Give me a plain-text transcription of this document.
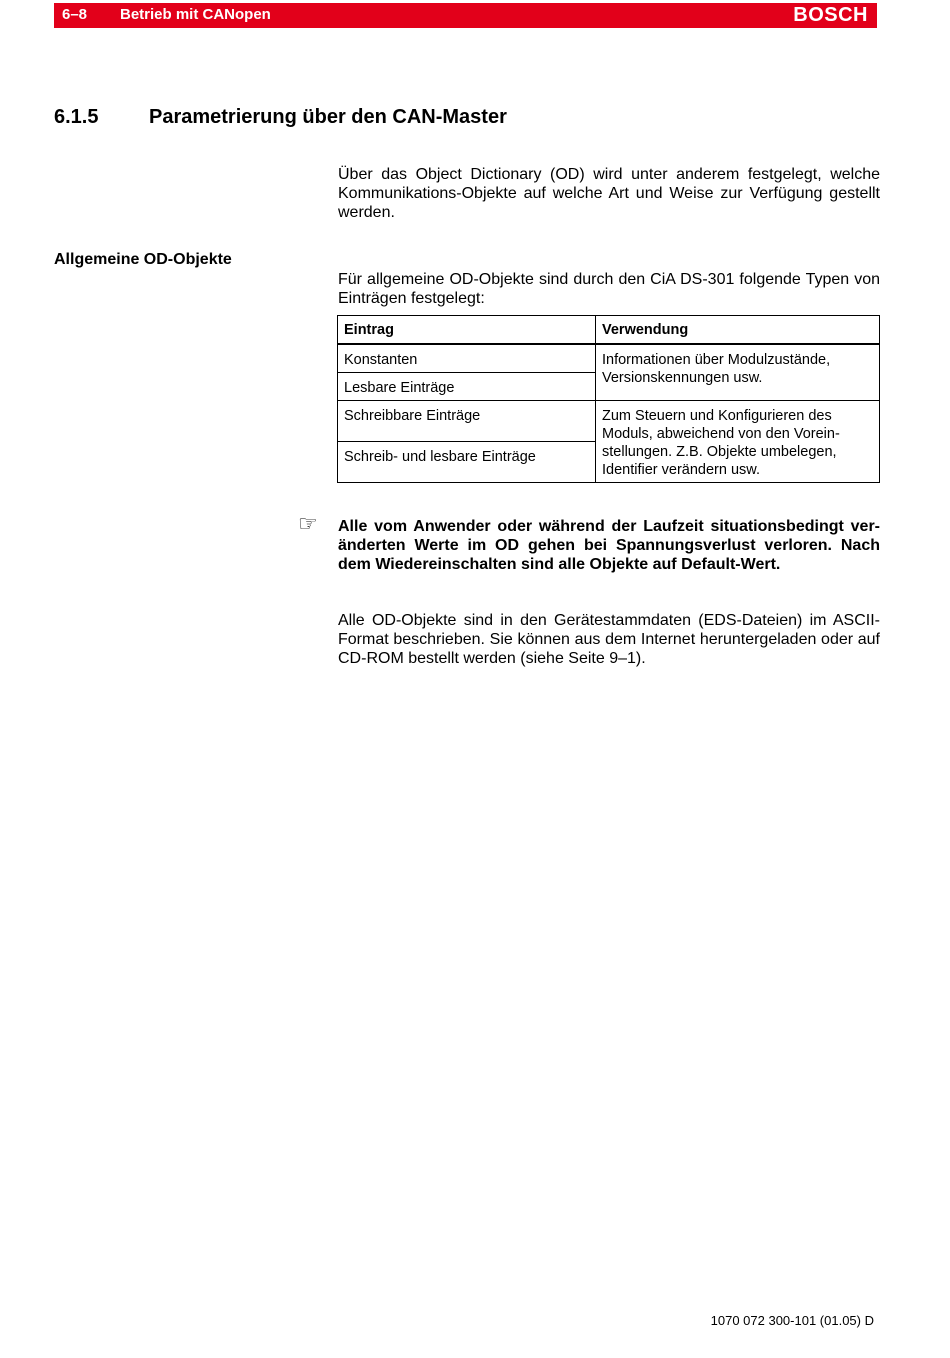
6–8 Betrieb mit CANopen	BOSCH
6.1.5	Parametrierung über den CAN-Master

Über das Object Dictionary (OD) wird unter anderem festgelegt, welche Kommunikations-Objekte auf welche Art und Weise zur Verfügung gestellt werden.

Allgemeine OD-Objekte

Für allgemeine OD-Objekte sind durch den CiA DS-301 folgende Typen von Einträgen festgelegt:

Eintrag	Verwendung
Konstanten	Informationen über Modulzustände, Versionskennungen usw.
Lesbare Einträge	
Schreibbare Einträge	Zum Steuern und Konfigurieren des Moduls, abweichend von den Vorein-stellungen. Z.B. Objekte umbelegen, Identifier verändern usw.
Schreib- und lesbare Einträge	
☞ Alle vom Anwender oder während der Laufzeit situationsbedingt ver-änderten Werte im OD gehen bei Spannungsverlust verloren. Nach dem Wiedereinschalten sind alle Objekte auf Default-Wert.

Alle OD-Objekte sind in den Gerätestammdaten (EDS-Dateien) im ASCII-Format beschrieben. Sie können aus dem Internet heruntergeladen oder auf CD-ROM bestellt werden (siehe Seite 9–1).

1070 072 300-101 (01.05) D
